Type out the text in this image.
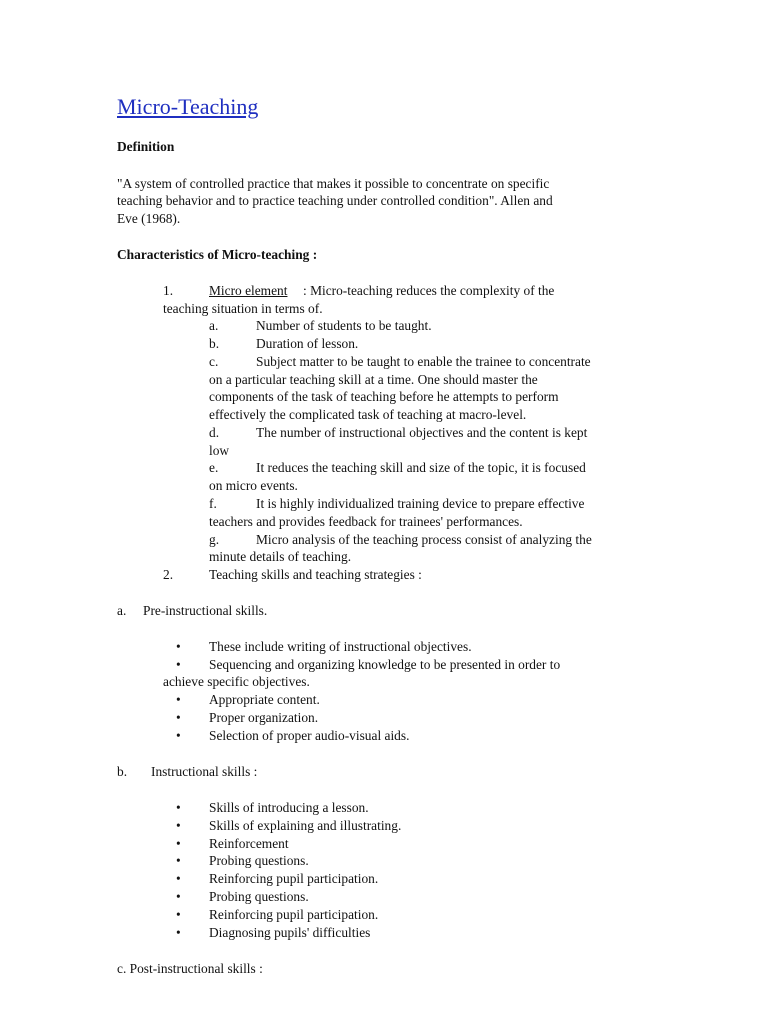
Micro-Teaching
Definition
"A system of controlled practice that makes it possible to concentrate on specific
teaching behavior and to practice teaching under controlled condition". Allen and
Eve (1968).
Characteristics of Micro-teaching :
1.	Micro element : Micro-teaching reduces the complexity of the
teaching situation in terms of.
a.	Number of students to be taught.
b.	Duration of lesson.
c.	Subject matter to be taught to enable the trainee to concentrate
on a particular teaching skill at a time. One should master the
components of the task of teaching before he attempts to perform
effectively the complicated task of teaching at macro-level.
d.	The number of instructional objectives and the content is kept
low
e.	It reduces the teaching skill and size of the topic, it is focused
on micro events.
f.	It is highly individualized training device to prepare effective
teachers and provides feedback for trainees' performances.
g.	Micro analysis of the teaching process consist of analyzing the
minute details of teaching.
2.	Teaching skills and teaching strategies :
a. Pre-instructional skills.
• These include writing of instructional objectives.
• Sequencing and organizing knowledge to be presented in order to
achieve specific objectives.
• Appropriate content.
• Proper organization.
• Selection of proper audio-visual aids.
b. Instructional skills :
• Skills of introducing a lesson.
• Skills of explaining and illustrating.
• Reinforcement
• Probing questions.
• Reinforcing pupil participation.
• Probing questions.
• Reinforcing pupil participation.
• Diagnosing pupils' difficulties
c. Post-instructional skills :
